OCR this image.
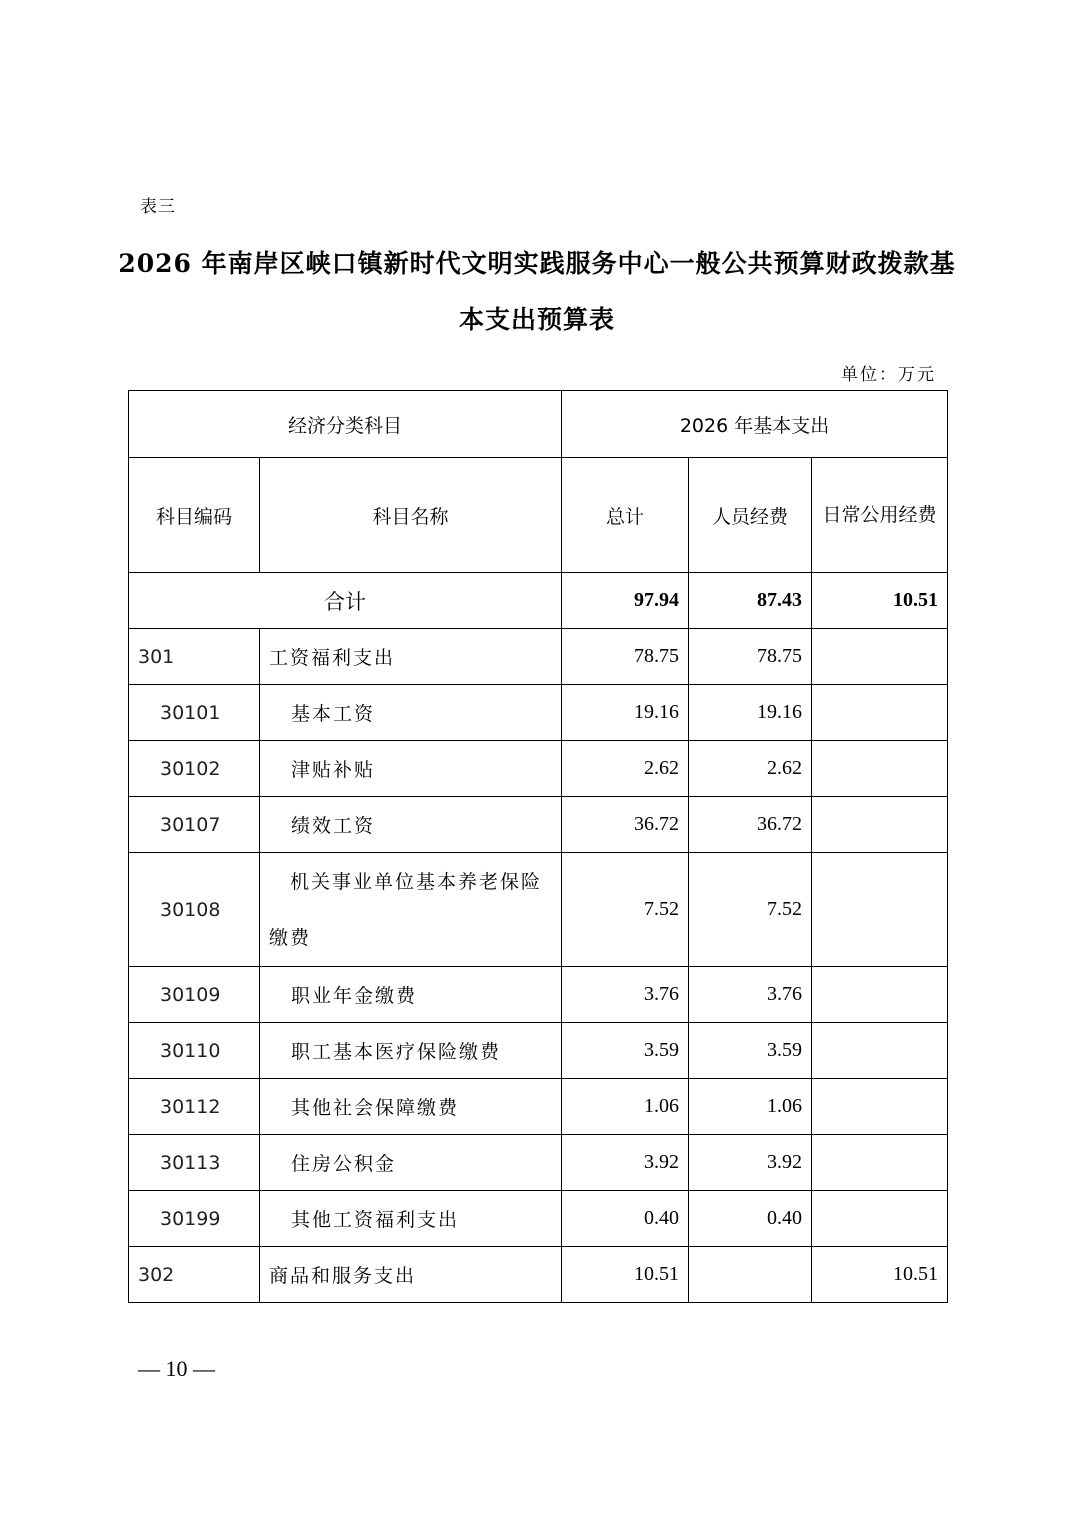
表三
2026 年南岸区峡口镇新时代文明实践服务中心一般公共预算财政拨款基
本支出预算表
单位：万元
经济分类科目		2026 年基本支出		
科目编码	科目名称	总计	人员经费	日常公用经费
合计		97.94	87.43	10.51
301	工资福利支出	78.75	78.75	
30101	基本工资	19.16	19.16	
30102	津贴补贴	2.62	2.62	
30107	绩效工资	36.72	36.72	
30108	机关事业单位基本养老保险缴费	7.52	7.52	
30109	职业年金缴费	3.76	3.76	
30110	职工基本医疗保险缴费	3.59	3.59	
30112	其他社会保障缴费	1.06	1.06	
30113	住房公积金	3.92	3.92	
30199	其他工资福利支出	0.40	0.40	
302	商品和服务支出	10.51		10.51
— 10 —
